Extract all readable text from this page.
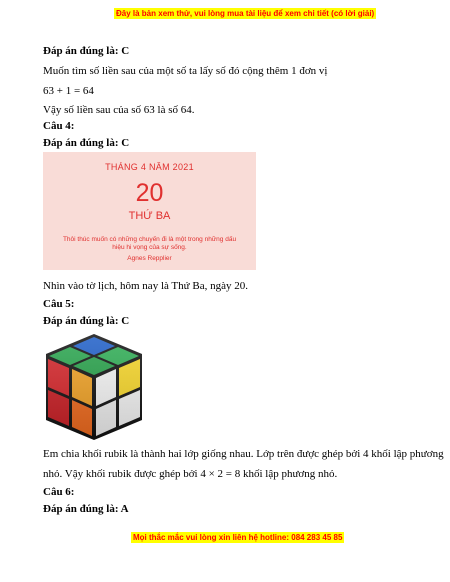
Đây là bản xem thử, vui lòng mua tài liệu để xem chi tiết (có lời giải)
Đáp án đúng là: C
Muốn tìm số liền sau của một số ta lấy số đó cộng thêm 1 đơn vị
63 + 1 = 64
Vậy số liền sau của số 63 là số 64.
Câu 4:
Đáp án đúng là: C
THÁNG 4 NĂM 2021
20
THỨ BA
Thôi thúc muốn có những chuyến đi là một trong những dấu hiệu hi vọng của sự sống.
Agnes Repplier
Nhìn vào tờ lịch, hôm nay là Thứ Ba, ngày 20.
Câu 5:
Đáp án đúng là: C
Em chia khối rubik là thành hai lớp giống nhau. Lớp trên được ghép bởi 4 khối lập phương
nhỏ. Vậy khối rubik được ghép bởi 4 × 2 = 8 khối lập phương nhỏ.
Câu 6:
Đáp án đúng là: A
Mọi thắc mắc vui lòng xin liên hệ hotline: 084 283 45 85
